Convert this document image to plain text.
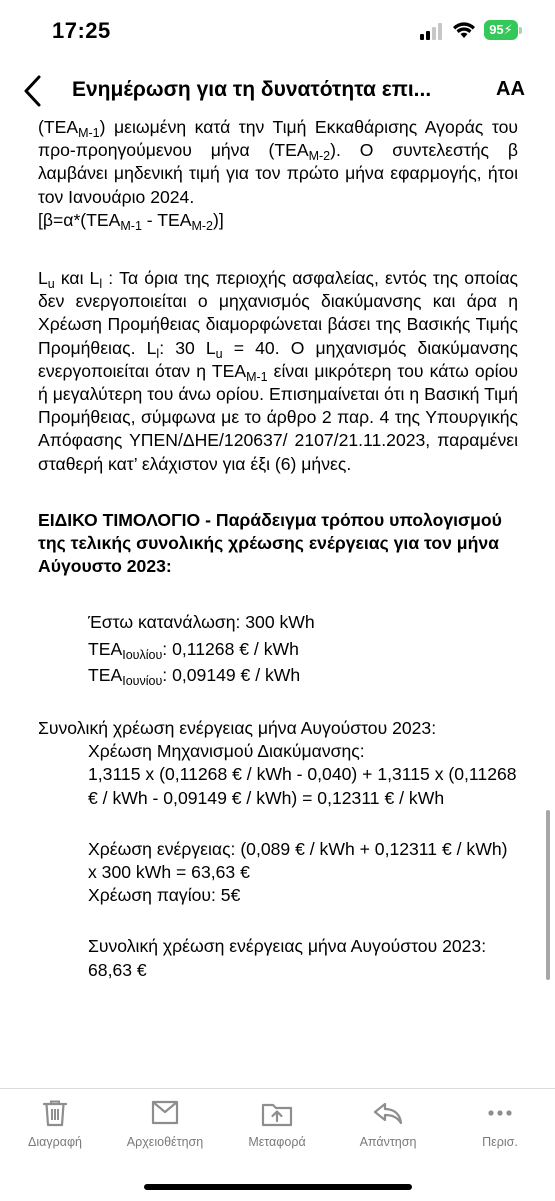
17:25	95⚡
Ενημέρωση για τη δυνατότητα επι...	AA

$(TEA_{M-1})$ μειωμένη κατά την Τιμή Εκκαθάρισης Αγοράς του προ-προηγούμενου μήνα $(TEA_{M-2})$. Ο συντελεστής β λαμβάνει μηδενική τιμή για τον πρώτο μήνα εφαρμογής, ήτοι τον Ιανουάριο 2024.

$[\beta=\alpha*(TEA_{M-1} - TEA_{M-2})]$

$L_u$ και $L_l$ : Τα όρια της περιοχής ασφαλείας, εντός της οποίας δεν ενεργοποιείται ο μηχανισμός διακύμανσης και άρα η Χρέωση Προμήθειας διαμορφώνεται βάσει της Βασικής Τιμής Προμήθειας. $L_l$: 30 $L_u = 40$. Ο μηχανισμός διακύμανσης ενεργοποιείται όταν η $TEA_{M-1}$ είναι μικρότερη του κάτω ορίου ή μεγαλύτερη του άνω ορίου. Επισημαίνεται ότι η Βασική Τιμή Προμήθειας, σύμφωνα με το άρθρο 2 παρ. 4 της Υπουργικής Απόφασης ΥΠΕΝ/ΔΗΕ/120637/ 2107/21.11.2023, παραμένει σταθερή κατ’ ελάχιστον για έξι (6) μήνες.

ΕΙΔΙΚΟ ΤΙΜΟΛΟΓΙΟ - Παράδειγμα τρόπου υπολογισμού της τελικής συνολικής χρέωσης ενέργειας για τον μήνα Αύγουστο 2023:

Έστω κατανάλωση: 300 kWh

$TEA_{Io\upsilon\lambda ίo\upsilon}$: 0,11268 € / kWh

$TEA_{Io\upsilon\nu ίo\upsilon}$: 0,09149 € / kWh

Συνολική χρέωση ενέργειας μήνα Αυγούστου 2023:

Χρέωση Μηχανισμού Διακύμανσης:

1,3115 x (0,11268 € / kWh - 0,040) + 1,3115 x (0,11268 € / kWh - 0,09149 € / kWh) = 0,12311 € / kWh

Χρέωση ενέργειας: (0,089 € / kWh + 0,12311 € / kWh) x 300 kWh = 63,63 €

Χρέωση παγίου: 5€

Συνολική χρέωση ενέργειας μήνα Αυγούστου 2023: 68,63 €

Διαγραφή	Αρχειοθέτηση	Μεταφορά	Απάντηση	Περισ.
